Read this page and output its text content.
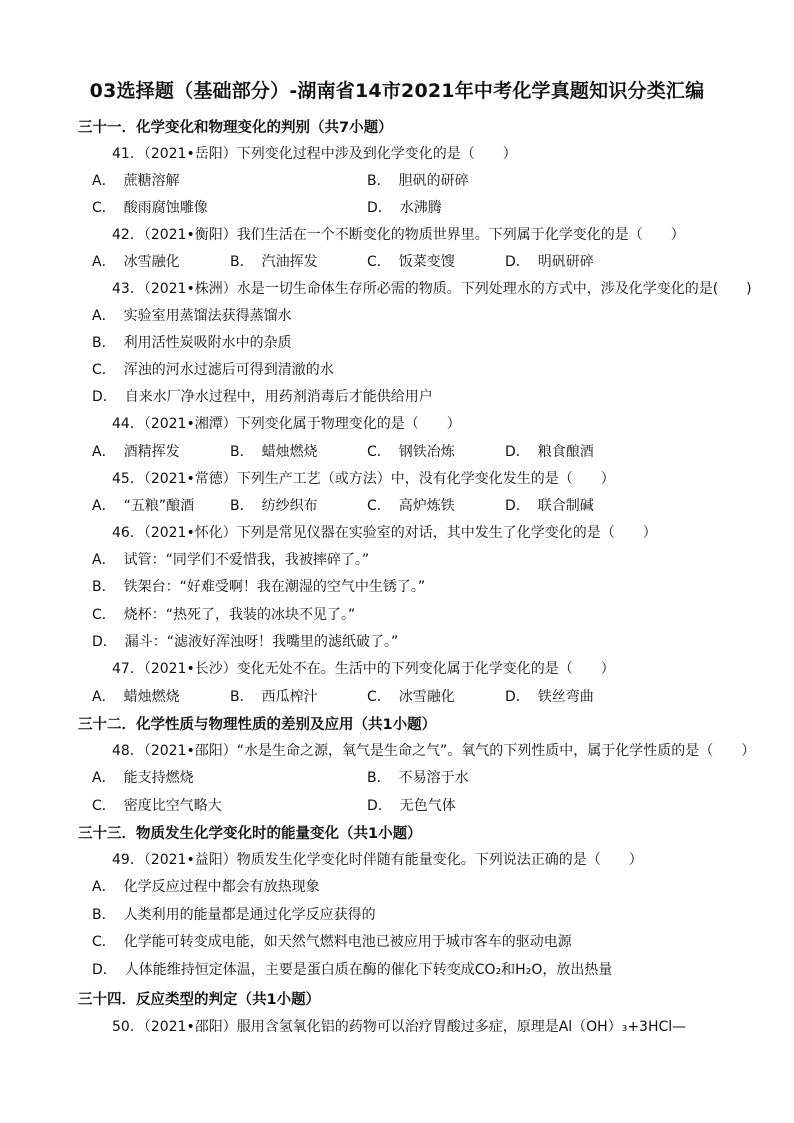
03选择题（基础部分）-湖南省14市2021年中考化学真题知识分类汇编
三十一．化学变化和物理变化的判别（共7小题）
41．（2021•岳阳）下列变化过程中涉及到化学变化的是（　　）
A． 蔗糖溶解	B． 胆矾的研碎
C． 酸雨腐蚀雕像	D． 水沸腾
42．（2021•衡阳）我们生活在一个不断变化的物质世界里。下列属于化学变化的是（　　）
A． 冰雪融化	B． 汽油挥发	C． 饭菜变馊	D． 明矾研碎
43．（2021•株洲）水是一切生命体生存所必需的物质。下列处理水的方式中，涉及化学变化的是(　　)
A． 实验室用蒸馏法获得蒸馏水
B． 利用活性炭吸附水中的杂质
C． 浑浊的河水过滤后可得到清澈的水
D． 自来水厂净水过程中，用药剂消毒后才能供给用户
44．（2021•湘潭）下列变化属于物理变化的是（　　）
A． 酒精挥发	B． 蜡烛燃烧	C． 钢铁冶炼	D． 粮食酿酒
45．（2021•常德）下列生产工艺（或方法）中，没有化学变化发生的是（　　）
A． “五粮”酿酒	B． 纺纱织布	C． 高炉炼铁	D． 联合制碱
46．（2021•怀化）下列是常见仪器在实验室的对话，其中发生了化学变化的是（　　）
A． 试管：“同学们不爱惜我，我被摔碎了。”
B． 铁架台：“好难受啊！我在潮湿的空气中生锈了。”
C． 烧杯：“热死了，我装的冰块不见了。”
D． 漏斗：“滤液好浑浊呀！我嘴里的滤纸破了。”
47．（2021•长沙）变化无处不在。生活中的下列变化属于化学变化的是（　　）
A． 蜡烛燃烧	B． 西瓜榨汁	C． 冰雪融化	D． 铁丝弯曲
三十二．化学性质与物理性质的差别及应用（共1小题）
48．（2021•邵阳）“水是生命之源，氧气是生命之气”。氧气的下列性质中，属于化学性质的是（　　）
A． 能支持燃烧	B． 不易溶于水
C． 密度比空气略大	D． 无色气体
三十三．物质发生化学变化时的能量变化（共1小题）
49．（2021•益阳）物质发生化学变化时伴随有能量变化。下列说法正确的是（　　）
A． 化学反应过程中都会有放热现象
B． 人类利用的能量都是通过化学反应获得的
C． 化学能可转变成电能，如天然气燃料电池已被应用于城市客车的驱动电源
D． 人体能维持恒定体温，主要是蛋白质在酶的催化下转变成CO₂和H₂O，放出热量
三十四．反应类型的判定（共1小题）
50．（2021•邵阳）服用含氢氧化铝的药物可以治疗胃酸过多症，原理是Al（OH）₃+3HCl—
